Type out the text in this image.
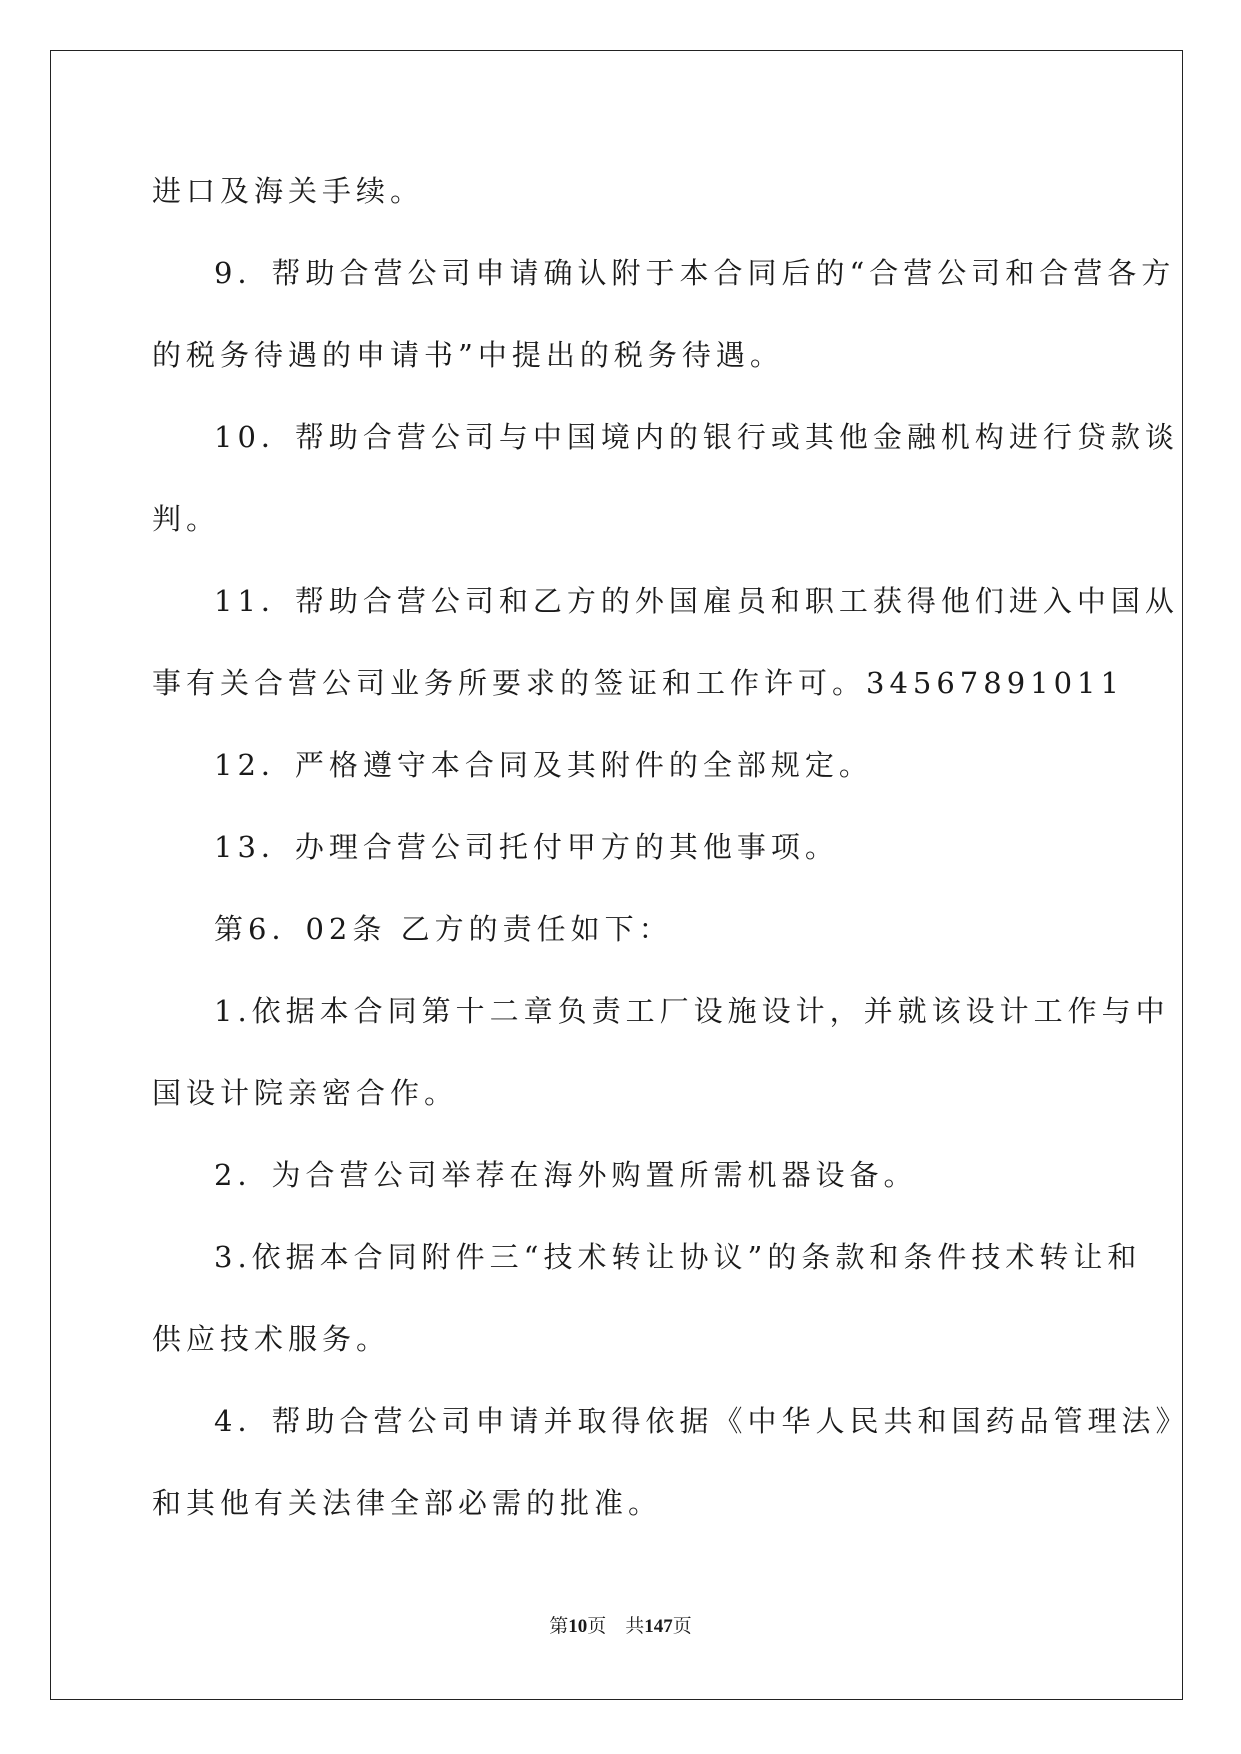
进口及海关手续。

9．帮助合营公司申请确认附于本合同后的“合营公司和合营各方

的税务待遇的申请书”中提出的税务待遇。

10．帮助合营公司与中国境内的银行或其他金融机构进行贷款谈

判。

11．帮助合营公司和乙方的外国雇员和职工获得他们进入中国从

事有关合营公司业务所要求的签证和工作许可。34567891011

12．严格遵守本合同及其附件的全部规定。

13．办理合营公司托付甲方的其他事项。

第6．02条 乙方的责任如下：

1.依据本合同第十二章负责工厂设施设计，并就该设计工作与中

国设计院亲密合作。

2．为合营公司举荐在海外购置所需机器设备。

3.依据本合同附件三“技术转让协议”的条款和条件技术转让和

供应技术服务。

4．帮助合营公司申请并取得依据《中华人民共和国药品管理法》

和其他有关法律全部必需的批准。

第10页　共147页
